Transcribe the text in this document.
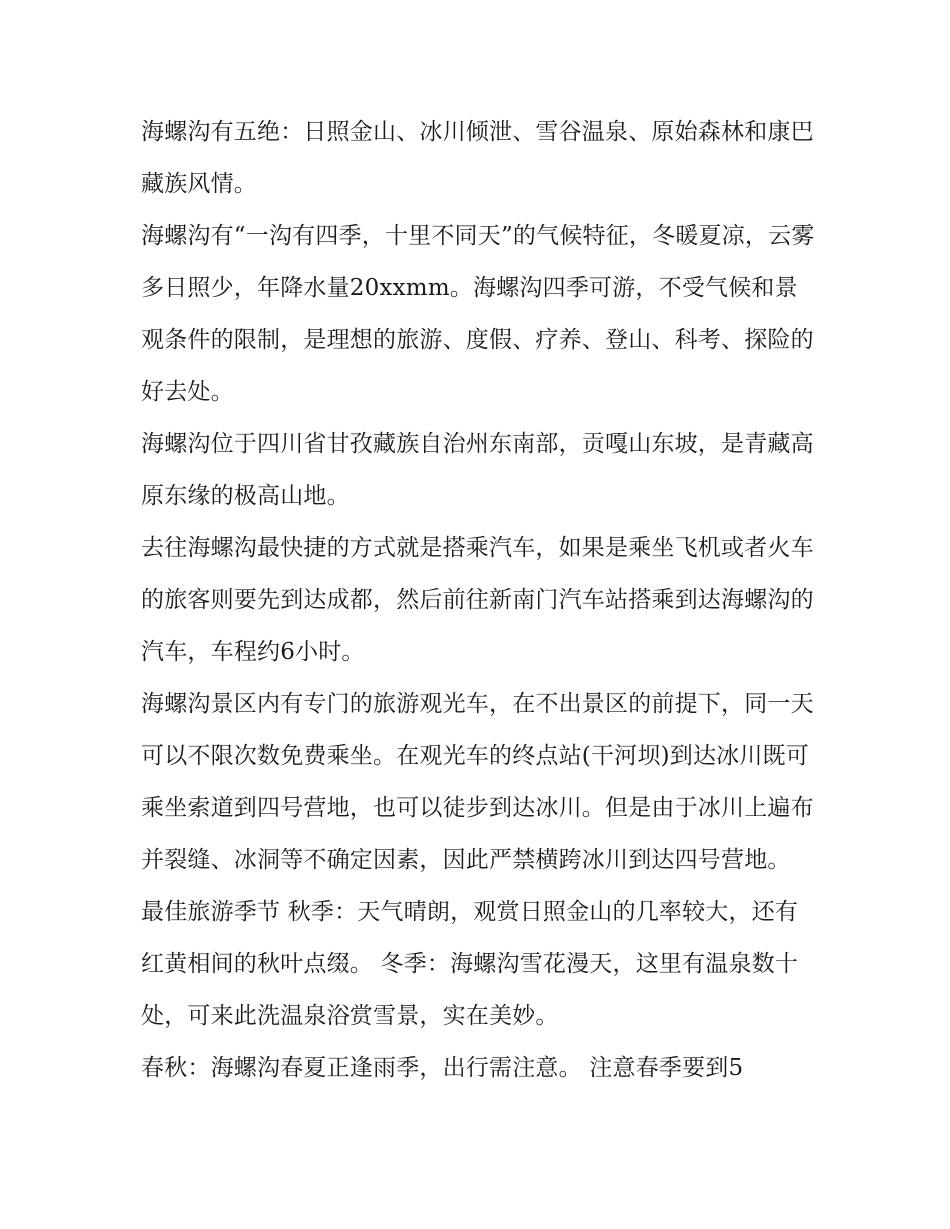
海螺沟有五绝：日照金山、冰川倾泄、雪谷温泉、原始森林和康巴藏族风情。

海螺沟有“一沟有四季，十里不同天”的气候特征，冬暖夏凉，云雾多日照少，年降水量20xxmm。海螺沟四季可游，不受气候和景观条件的限制，是理想的旅游、度假、疗养、登山、科考、探险的好去处。

海螺沟位于四川省甘孜藏族自治州东南部，贡嘎山东坡，是青藏高原东缘的极高山地。

去往海螺沟最快捷的方式就是搭乘汽车，如果是乘坐飞机或者火车的旅客则要先到达成都，然后前往新南门汽车站搭乘到达海螺沟的汽车，车程约6小时。

海螺沟景区内有专门的旅游观光车，在不出景区的前提下，同一天可以不限次数免费乘坐。在观光车的终点站(干河坝)到达冰川既可乘坐索道到四号营地，也可以徒步到达冰川。但是由于冰川上遍布并裂缝、冰洞等不确定因素，因此严禁横跨冰川到达四号营地。

最佳旅游季节 秋季：天气晴朗，观赏日照金山的几率较大，还有红黄相间的秋叶点缀。 冬季：海螺沟雪花漫天，这里有温泉数十处，可来此洗温泉浴赏雪景，实在美妙。

春秋：海螺沟春夏正逢雨季，出行需注意。 注意春季要到5
